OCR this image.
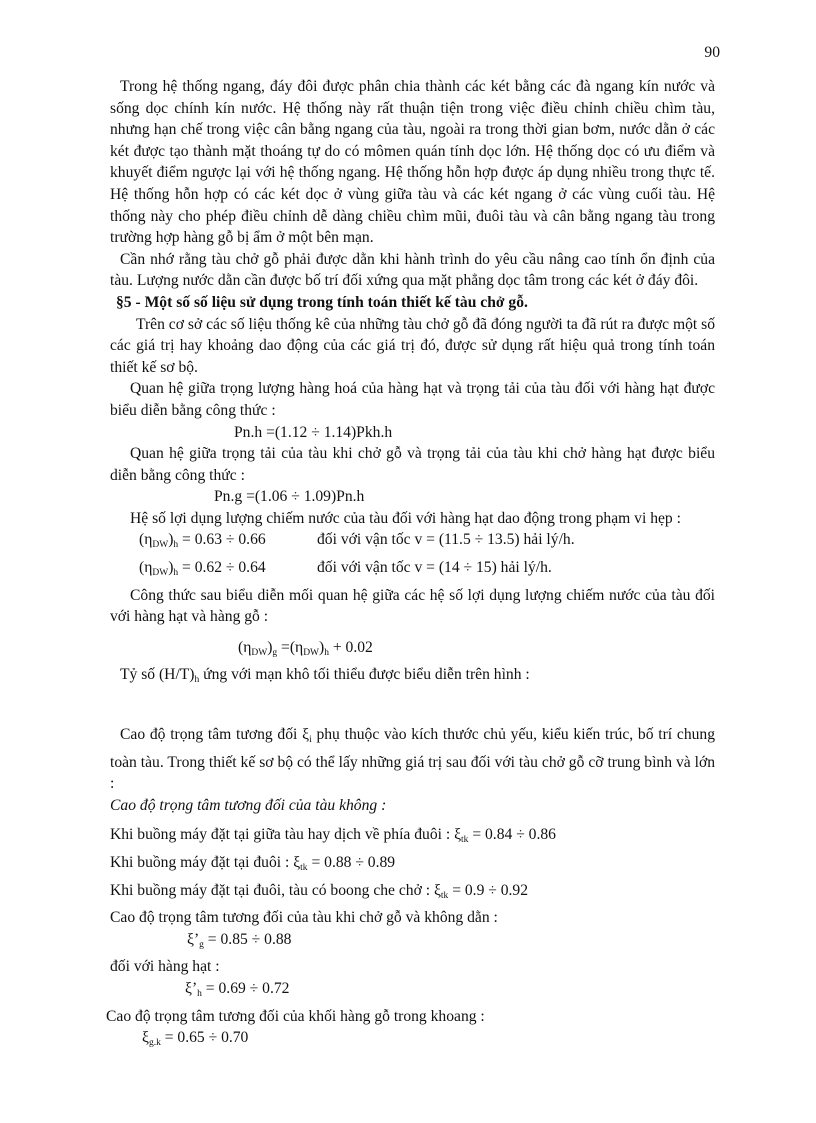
90

Trong hệ thống ngang, đáy đôi được phân chia thành các két bằng các đà ngang kín nước và sống dọc chính kín nước. Hệ thống này rất thuận tiện trong việc điều chỉnh chiều chìm tàu, nhưng hạn chế trong việc cân bằng ngang của tàu, ngoài ra trong thời gian bơm, nước dằn ở các két được tạo thành mặt thoáng tự do có mômen quán tính dọc lớn. Hệ thống dọc có ưu điểm và khuyết điểm ngược lại với hệ thống ngang. Hệ thống hỗn hợp được áp dụng nhiều trong thực tế. Hệ thống hỗn hợp có các két dọc ở vùng giữa tàu và các két ngang ở các vùng cuối tàu. Hệ thống này cho phép điều chỉnh dễ dàng chiều chìm mũi, đuôi tàu và cân bằng ngang tàu trong trường hợp hàng gỗ bị ẩm ở một bên mạn.

Cần nhớ rằng tàu chở gỗ phải được dằn khi hành trình do yêu cầu nâng cao tính ổn định của tàu. Lượng nước dằn cần được bố trí đối xứng qua mặt phẳng dọc tâm trong các két ở đáy đôi.

§5 - Một số số liệu sử dụng trong tính toán thiết kế tàu chở gỗ.

Trên cơ sở các số liệu thống kê của những tàu chở gỗ đã đóng người ta đã rút ra được một số các giá trị hay khoảng dao động của các giá trị đó, được sử dụng rất hiệu quả trong tính toán thiết kế sơ bộ.

Quan hệ giữa trọng lượng hàng hoá của hàng hạt và trọng tải của tàu đối với hàng hạt được biểu diễn bằng công thức :

Pn.h =(1.12 ÷ 1.14)Pkh.h

Quan hệ giữa trọng tải của tàu khi chở gỗ và trọng tải của tàu khi chở hàng hạt được biểu diễn bằng công thức :

Pn.g =(1.06 ÷ 1.09)Pn.h

Hệ số lợi dụng lượng chiếm nước của tàu đối với hàng hạt dao động trong phạm vi hẹp :

$(\eta_{DW})_h = 0.63 \div 0.66$	đối với vận tốc v = (11.5 ÷ 13.5) hải lý/h.
$(\eta_{DW})_h = 0.62 \div 0.64$	đối với vận tốc v = (14 ÷ 15) hải lý/h.

Công thức sau biểu diễn mối quan hệ giữa các hệ số lợi dụng lượng chiếm nước của tàu đối với hàng hạt và hàng gỗ :

$(\eta_{DW})_g =(\eta_{DW})_h + 0.02$

Tỷ số $(H/T)_h$ ứng với mạn khô tối thiểu được biểu diễn trên hình :

Cao độ trọng tâm tương đối $\xi_i$ phụ thuộc vào kích thước chủ yếu, kiểu kiến trúc, bố trí chung toàn tàu. Trong thiết kế sơ bộ có thể lấy những giá trị sau đối với tàu chở gỗ cỡ trung bình và lớn :

Cao độ trọng tâm tương đối của tàu không :

Khi buồng máy đặt tại giữa tàu hay dịch về phía đuôi : $\xi_{tk} = 0.84 \div 0.86$

Khi buồng máy đặt tại đuôi : $\xi_{tk} = 0.88 \div 0.89$

Khi buồng máy đặt tại đuôi, tàu có boong che chở : $\xi_{tk} = 0.9 \div 0.92$

Cao độ trọng tâm tương đối của tàu khi chở gỗ và không dằn :

$\xi’_g = 0.85 \div 0.88$

đối với hàng hạt :

$\xi’_h = 0.69 \div 0.72$

Cao độ trọng tâm tương đối của khối hàng gỗ trong khoang :

$\xi_{g.k} = 0.65 \div 0.70$
